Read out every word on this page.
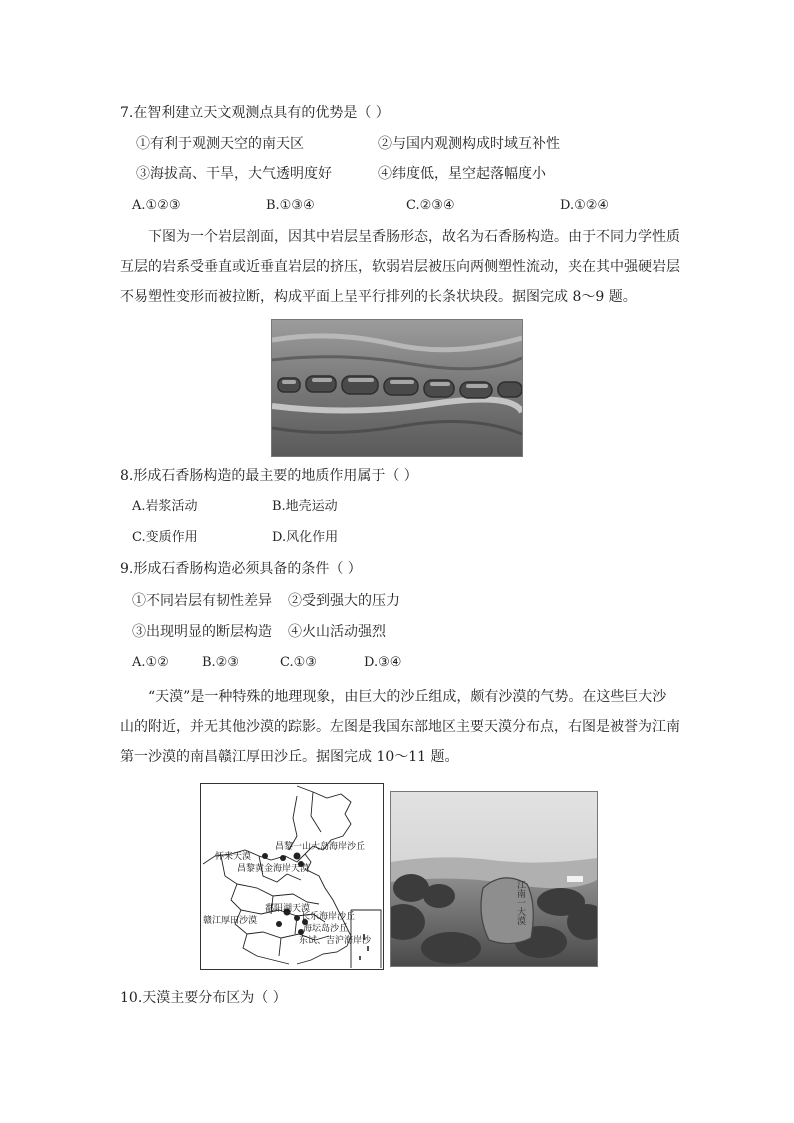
7.在智利建立天文观测点具有的优势是（ ）
①有利于观测天空的南天区	②与国内观测构成时域互补性
③海拔高、干旱，大气透明度好	④纬度低，星空起落幅度小
A.①②③	B.①③④	C.②③④	D.①②④
下图为一个岩层剖面，因其中岩层呈香肠形态，故名为石香肠构造。由于不同力学性质互层的岩系受垂直或近垂直岩层的挤压，软弱岩层被压向两侧塑性流动，夹在其中强硬岩层不易塑性变形而被拉断，构成平面上呈平行排列的长条状块段。据图完成 8～9 题。
8.形成石香肠构造的最主要的地质作用属于（ ）
A.岩浆活动	B.地壳运动
C.变质作用	D.风化作用
9.形成石香肠构造必须具备的条件（ ）
①不同岩层有韧性差异 ②受到强大的压力
③出现明显的断层构造 ④火山活动强烈
A.①②	B.②③	C.①③	D.③④
“天漠”是一种特殊的地理现象，由巨大的沙丘组成，颇有沙漠的气势。在这些巨大沙山的附近，并无其他沙漠的踪影。左图是我国东部地区主要天漠分布点，右图是被誉为江南第一沙漠的南昌赣江厚田沙丘。据图完成 10～11 题。
昌黎一山大岛海岸沙丘
怀来天漠
昌黎黄金海岸天漠
鄱阳湖天漠
赣江厚田沙漠	长乐海岸沙丘
海坛岛沙丘
东试、吉沪海岸沙
江南一大漠
10.天漠主要分布区为（ ）
